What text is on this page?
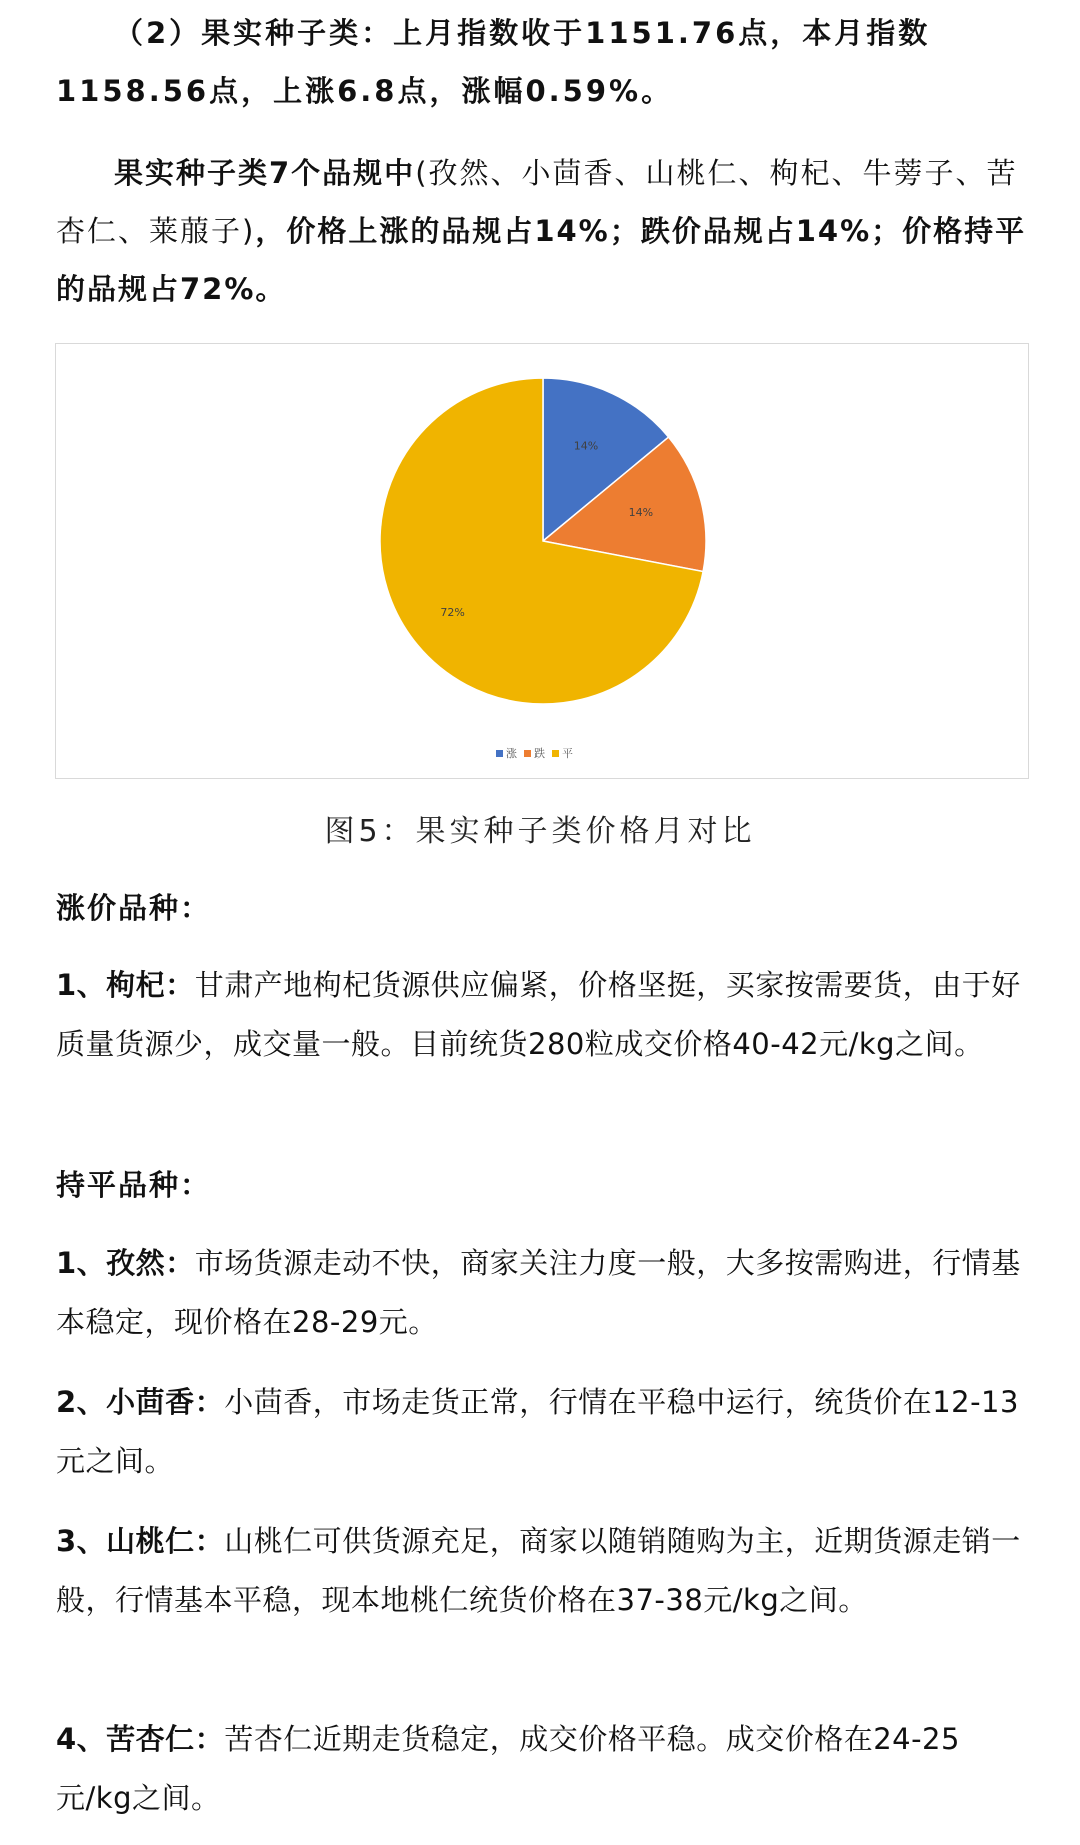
（2）果实种子类：上月指数收于1151.76点，本月指数1158.56点，上涨6.8点，涨幅0.59%。

果实种子类7个品规中(孜然、小茴香、山桃仁、枸杞、牛蒡子、苦杏仁、莱菔子)，价格上涨的品规占14%；跌价品规占14%；价格持平的品规占72%。

14%
14%
72%
涨 跌 平
图5：果实种子类价格月对比
涨价品种：

1、枸杞：甘肃产地枸杞货源供应偏紧，价格坚挺，买家按需要货，由于好质量货源少，成交量一般。目前统货280粒成交价格40-42元/kg之间。

持平品种：

1、孜然：市场货源走动不快，商家关注力度一般，大多按需购进，行情基本稳定，现价格在28-29元。

2、小茴香：小茴香，市场走货正常，行情在平稳中运行，统货价在12-13元之间。

3、山桃仁：山桃仁可供货源充足，商家以随销随购为主，近期货源走销一般，行情基本平稳，现本地桃仁统货价格在37-38元/kg之间。

4、苦杏仁：苦杏仁近期走货稳定，成交价格平稳。成交价格在24-25元/kg之间。
